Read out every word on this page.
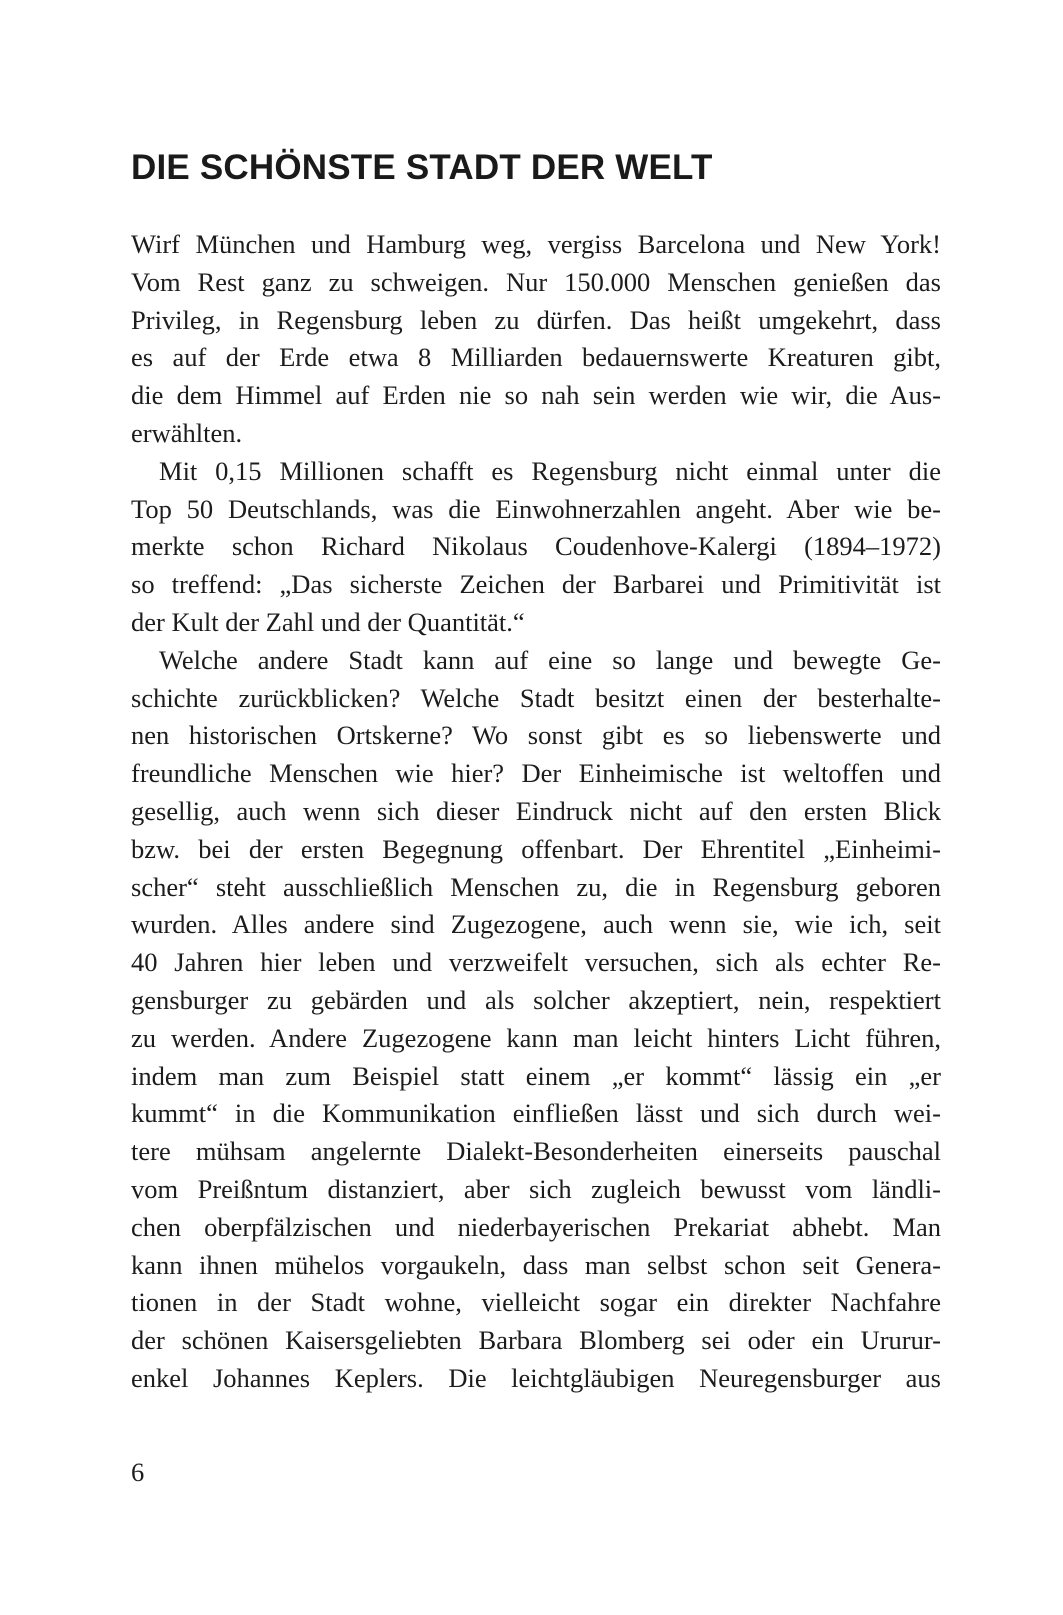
DIE SCHÖNSTE STADT DER WELT
Wirf München und Hamburg weg, vergiss Barcelona und New York!
Vom Rest ganz zu schweigen. Nur 150.000 Menschen genießen das
Privileg, in Regensburg leben zu dürfen. Das heißt umgekehrt, dass
es auf der Erde etwa 8 Milliarden bedauernswerte Kreaturen gibt,
die dem Himmel auf Erden nie so nah sein werden wie wir, die Aus-
erwählten.
Mit 0,15 Millionen schafft es Regensburg nicht einmal unter die
Top 50 Deutschlands, was die Einwohnerzahlen angeht. Aber wie be-
merkte schon Richard Nikolaus Coudenhove-Kalergi (1894–1972)
so treffend: „Das sicherste Zeichen der Barbarei und Primitivität ist
der Kult der Zahl und der Quantität.“
Welche andere Stadt kann auf eine so lange und bewegte Ge-
schichte zurückblicken? Welche Stadt besitzt einen der besterhalte-
nen historischen Ortskerne? Wo sonst gibt es so liebenswerte und
freundliche Menschen wie hier? Der Einheimische ist weltoffen und
gesellig, auch wenn sich dieser Eindruck nicht auf den ersten Blick
bzw. bei der ersten Begegnung offenbart. Der Ehrentitel „Einheimi-
scher“ steht ausschließlich Menschen zu, die in Regensburg geboren
wurden. Alles andere sind Zugezogene, auch wenn sie, wie ich, seit
40 Jahren hier leben und verzweifelt versuchen, sich als echter Re-
gensburger zu gebärden und als solcher akzeptiert, nein, respektiert
zu werden. Andere Zugezogene kann man leicht hinters Licht führen,
indem man zum Beispiel statt einem „er kommt“ lässig ein „er
kummt“ in die Kommunikation einfließen lässt und sich durch wei-
tere mühsam angelernte Dialekt-Besonderheiten einerseits pauschal
vom Preißntum distanziert, aber sich zugleich bewusst vom ländli-
chen oberpfälzischen und niederbayerischen Prekariat abhebt. Man
kann ihnen mühelos vorgaukeln, dass man selbst schon seit Genera-
tionen in der Stadt wohne, vielleicht sogar ein direkter Nachfahre
der schönen Kaisersgeliebten Barbara Blomberg sei oder ein Ururur-
enkel Johannes Keplers. Die leichtgläubigen Neuregensburger aus
6
